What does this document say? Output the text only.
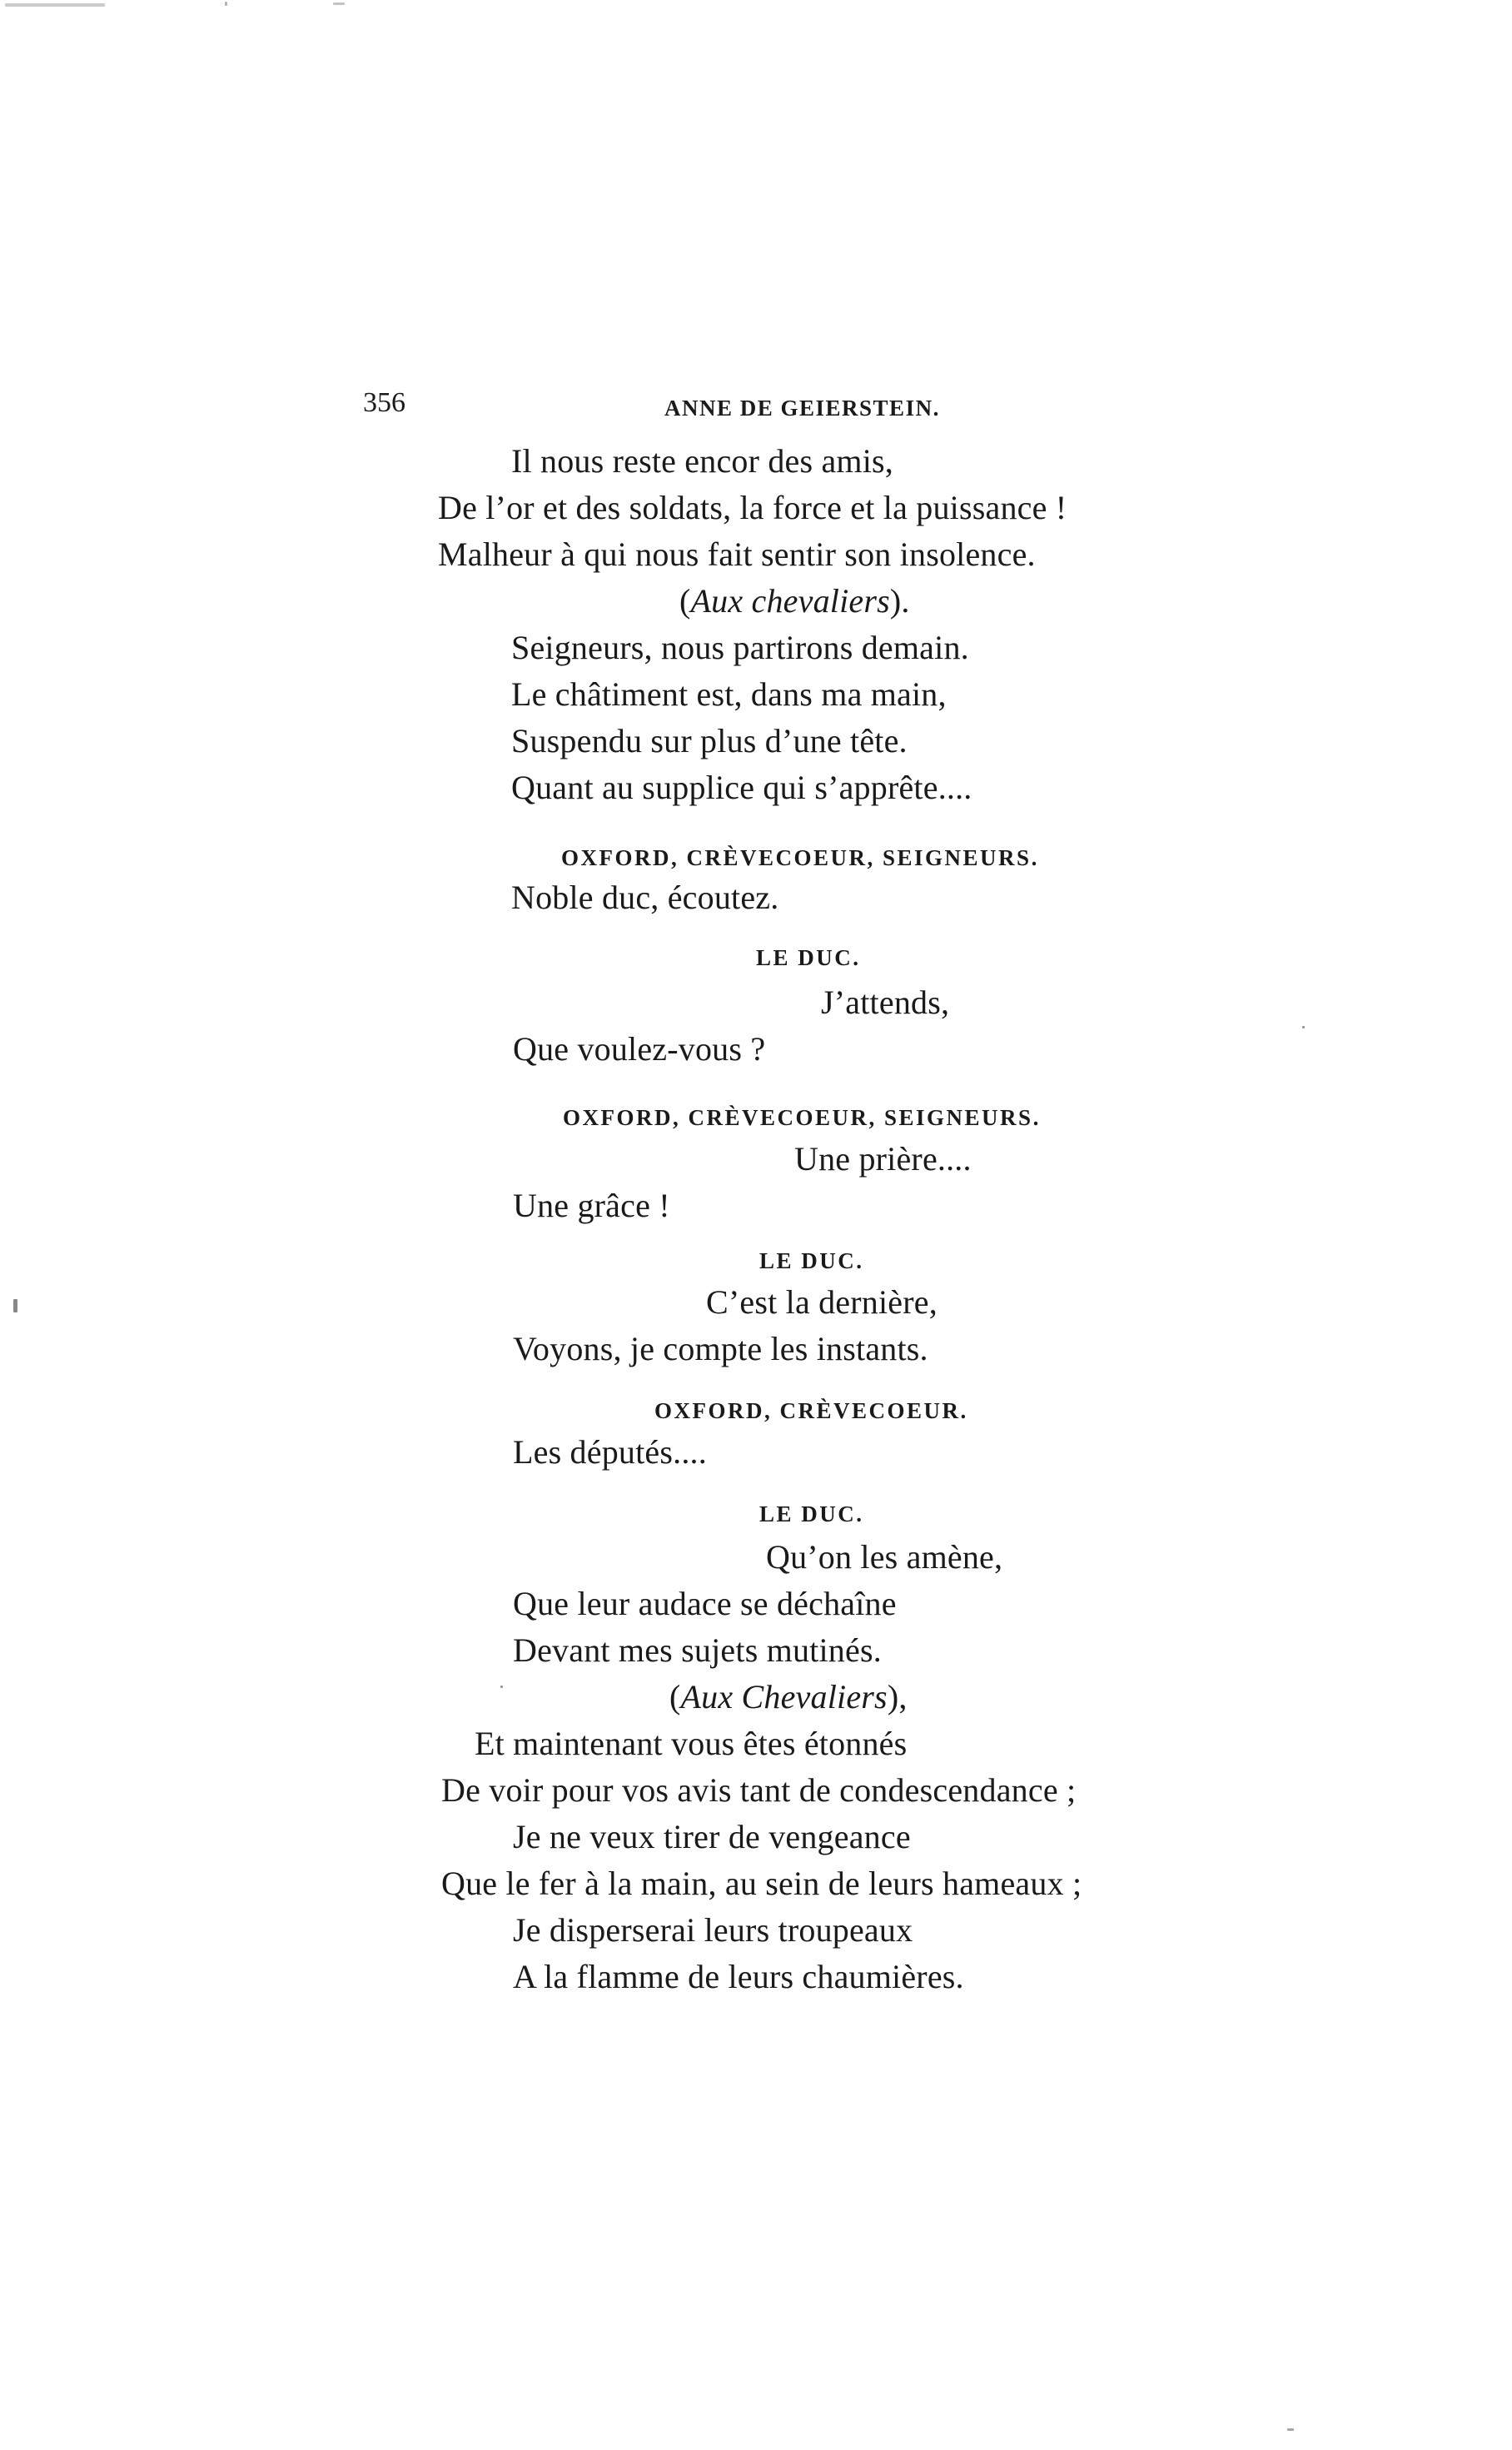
356	ANNE DE GEIERSTEIN.
Il nous reste encor des amis,
De l’or et des soldats, la force et la puissance !
Malheur à qui nous fait sentir son insolence.
(Aux chevaliers).
Seigneurs, nous partirons demain.
Le châtiment est, dans ma main,
Suspendu sur plus d’une tête.
Quant au supplice qui s’apprête....
OXFORD, CRÈVECOEUR, SEIGNEURS.
Noble duc, écoutez.
LE DUC.
J’attends,
Que voulez-vous ?
OXFORD, CRÈVECOEUR, SEIGNEURS.
Une prière....
Une grâce !
LE DUC.
C’est la dernière,
Voyons, je compte les instants.
OXFORD, CRÈVECOEUR.
Les députés....
LE DUC.
Qu’on les amène,
Que leur audace se déchaîne
Devant mes sujets mutinés.
(Aux Chevaliers),
Et maintenant vous êtes étonnés
De voir pour vos avis tant de condescendance ;
Je ne veux tirer de vengeance
Que le fer à la main, au sein de leurs hameaux ;
Je disperserai leurs troupeaux
A la flamme de leurs chaumières.
